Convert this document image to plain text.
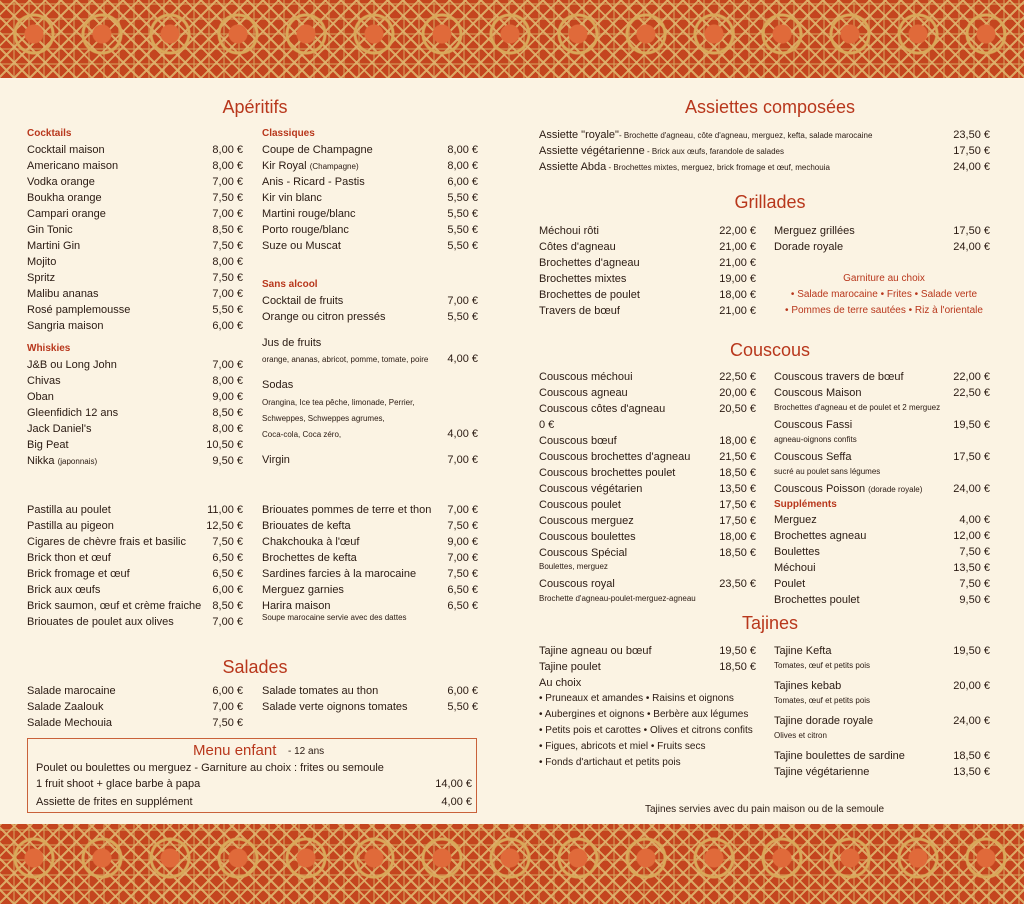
Apéritifs
Cocktails
Whiskies
Classiques
Sans alcool
Cocktail de fruits	7,00 €
Orange ou citron pressés	5,50 €
Jus de fruits
orange, ananas, abricot, pomme, tomate, poire	4,00 €
Sodas
Orangina, Ice tea pêche, limonade, Perrier,
Schweppes, Schweppes agrumes,
Coca-cola, Coca zéro,	4,00 €
Virgin	7,00 €
Soupe marocaine servie avec des dattes
Salades
Menu enfant - 12 ans
Poulet ou boulettes ou merguez - Garniture au choix : frites ou semoule
1 fruit shoot + glace barbe à papa	14,00 €
Assiette de frites en supplément	4,00 €
Assiettes composées
Grillades
Garniture au choix
• Salade marocaine • Frites • Salade verte
• Pommes de terre sautées • Riz à l'orientale
Couscous
Boulettes, merguez
Couscous royal	23,50 €
Brochette d'agneau-poulet-merguez-agneau
Couscous travers de bœuf	22,00 €
Couscous Maison	22,50 €
Brochettes d'agneau et de poulet et 2 merguez
Couscous Fassi	19,50 €
agneau-oignons confits
Couscous Seffa	17,50 €
sucré au poulet sans légumes
Couscous Poisson (dorade royale)	24,00 €
Suppléments
Tajines
Tajine agneau ou bœuf	19,50 €
Tajine poulet	18,50 €
Au choix
Tajine Kefta	19,50 €
Tomates, œuf et petits pois
Tajines kebab	20,00 €
Tomates, œuf et petits pois
Tajine dorade royale	24,00 €
Olives et citron
Tajine boulettes de sardine	18,50 €
Tajine végétarienne	13,50 €
Tajines servies avec du pain maison ou de la semoule
Cocktail maison	8,00 €
Americano maison	8,00 €
Vodka orange	7,00 €
Boukha orange	7,50 €
Campari orange	7,00 €
Gin Tonic	8,50 €
Martini Gin	7,50 €
Mojito	8,00 €
Spritz	7,50 €
Malibu ananas	7,00 €
Rosé pamplemousse	5,50 €
Sangria maison	6,00 €
J&B ou Long John	7,00 €
Chivas	8,00 €
Oban	9,00 €
Gleenfidich 12 ans	8,50 €
Jack Daniel's	8,00 €
Big Peat	10,50 €
Nikka (japonnais)	9,50 €
Coupe de Champagne	8,00 €
Kir Royal (Champagne)	8,00 €
Anis - Ricard - Pastis	6,00 €
Kir vin blanc	5,50 €
Martini rouge/blanc	5,50 €
Porto rouge/blanc	5,50 €
Suze ou Muscat	5,50 €
Pastilla au poulet	11,00 €
Pastilla au pigeon	12,50 €
Cigares de chèvre frais et basilic	7,50 €
Brick thon et œuf	6,50 €
Brick fromage et œuf	6,50 €
Brick aux œufs	6,00 €
Brick saumon, œuf et crème fraiche	8,50 €
Briouates de poulet aux olives	7,00 €
Briouates pommes de terre et thon	7,00 €
Briouates de kefta	7,50 €
Chakchouka à l'œuf	9,00 €
Brochettes de kefta	7,00 €
Sardines farcies à la marocaine	7,50 €
Merguez garnies	6,50 €
Harira maison	6,50 €
Salade marocaine	6,00 €
Salade Zaalouk	7,00 €
Salade Mechouia	7,50 €
Salade tomates au thon	6,00 €
Salade verte oignons tomates	5,50 €
Méchoui rôti	22,00 €
Côtes d'agneau	21,00 €
Brochettes d'agneau	21,00 €
Brochettes mixtes	19,00 €
Brochettes de poulet	18,00 €
Travers de bœuf	21,00 €
Merguez grillées	17,50 €
Dorade royale	24,00 €
Couscous méchoui	22,50 €
Couscous agneau	20,00 €
Couscous côtes d'agneau	20,50 €
0 €
Couscous bœuf	18,00 €
Couscous brochettes d'agneau	21,50 €
Couscous brochettes poulet	18,50 €
Couscous végétarien	13,50 €
Couscous poulet	17,50 €
Couscous merguez	17,50 €
Couscous boulettes	18,00 €
Couscous Spécial	18,50 €
Merguez	4,00 €
Brochettes agneau	12,00 €
Boulettes	7,50 €
Méchoui	13,50 €
Poulet	7,50 €
Brochettes poulet	9,50 €
Assiette "royale"- Brochette d'agneau, côte d'agneau, merguez, kefta, salade marocaine	23,50 €
Assiette végétarienne - Brick aux œufs, farandole de salades	17,50 €
Assiette Abda - Brochettes mixtes, merguez, brick fromage et œuf, mechouia	24,00 €
• Pruneaux et amandes • Raisins et oignons
• Aubergines et oignons • Berbère aux légumes
• Petits pois et carottes • Olives et citrons confits
• Figues, abricots et miel • Fruits secs
• Fonds d'artichaut et petits pois
